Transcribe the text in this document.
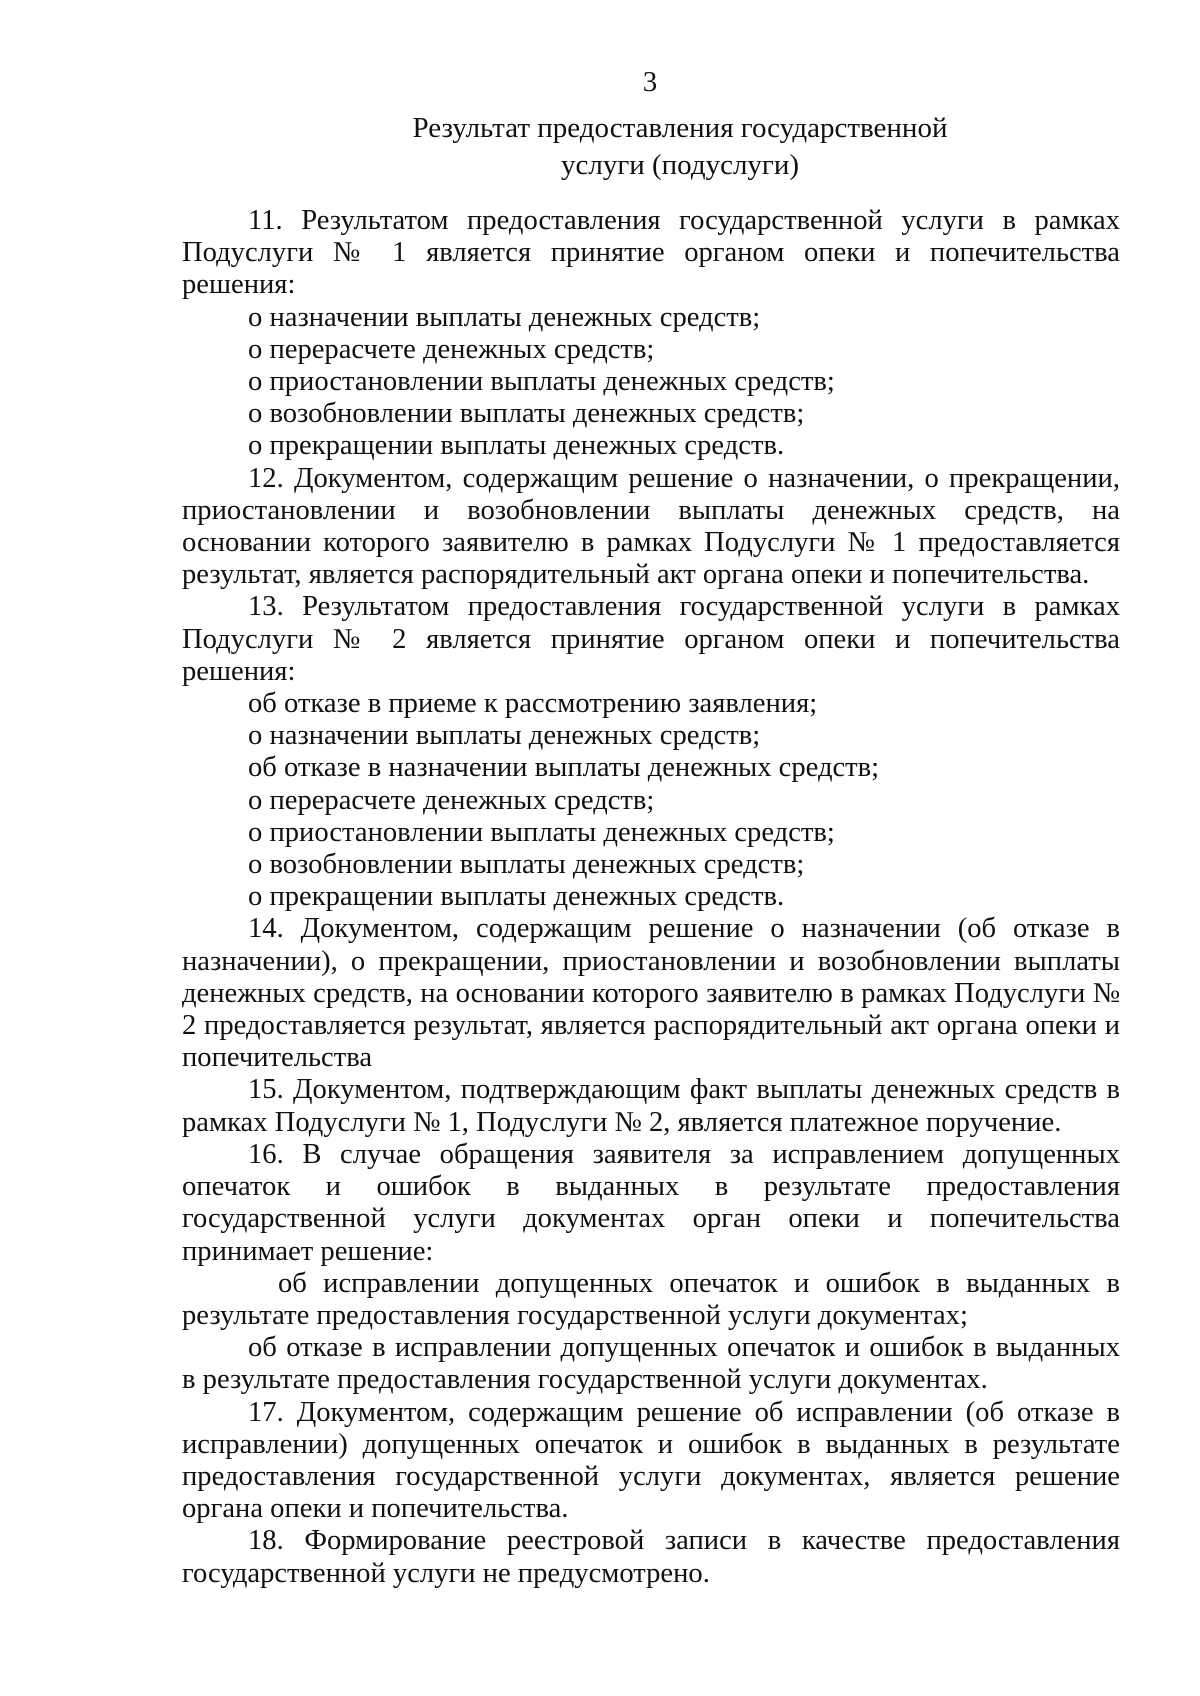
3
Результат предоставления государственной
услуги (подуслуги)

11. Результатом предоставления государственной услуги в рамках Подуслуги № 1 является принятие органом опеки и попечительства решения:

о назначении выплаты денежных средств;

о перерасчете денежных средств;

о приостановлении выплаты денежных средств;

о возобновлении выплаты денежных средств;

о прекращении выплаты денежных средств.

12. Документом, содержащим решение о назначении, о прекращении, приостановлении и возобновлении выплаты денежных средств, на основании которого заявителю в рамках Подуслуги № 1 предоставляется результат, является распорядительный акт органа опеки и попечительства.

13. Результатом предоставления государственной услуги в рамках Подуслуги № 2 является принятие органом опеки и попечительства решения:

об отказе в приеме к рассмотрению заявления;

о назначении выплаты денежных средств;

об отказе в назначении выплаты денежных средств;

о перерасчете денежных средств;

о приостановлении выплаты денежных средств;

о возобновлении выплаты денежных средств;

о прекращении выплаты денежных средств.

14. Документом, содержащим решение о назначении (об отказе в назначении), о прекращении, приостановлении и возобновлении выплаты денежных средств, на основании которого заявителю в рамках Подуслуги № 2 предоставляется результат, является распорядительный акт органа опеки и попечительства

15. Документом, подтверждающим факт выплаты денежных средств в рамках Подуслуги № 1, Подуслуги № 2, является платежное поручение.

16. В случае обращения заявителя за исправлением допущенных опечаток и ошибок в выданных в результате предоставления государственной услуги документах орган опеки и попечительства принимает решение:

об исправлении допущенных опечаток и ошибок в выданных в результате предоставления государственной услуги документах;

об отказе в исправлении допущенных опечаток и ошибок в выданных в результате предоставления государственной услуги документах.

17. Документом, содержащим решение об исправлении (об отказе в исправлении) допущенных опечаток и ошибок в выданных в результате предоставления государственной услуги документах, является решение органа опеки и попечительства.

18. Формирование реестровой записи в качестве предоставления государственной услуги не предусмотрено.
